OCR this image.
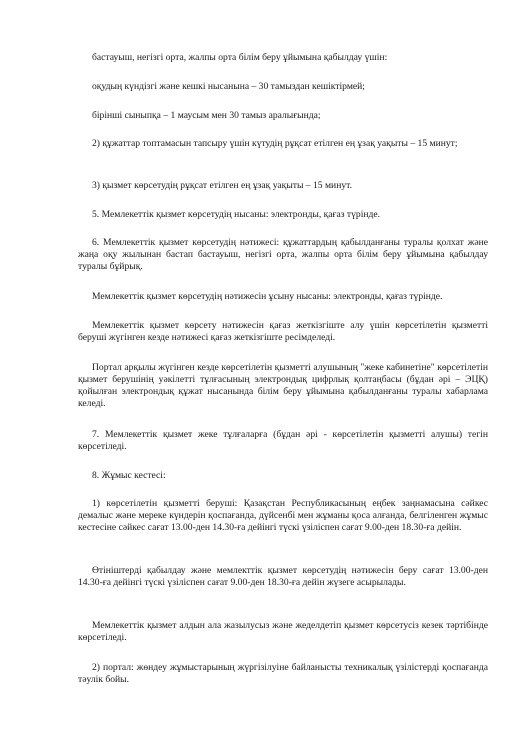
бастауыш, негізгі орта, жалпы орта білім беру ұйымына қабылдау үшін:

оқудың күндізгі және кешкі нысанына – 30 тамыздан кешіктірмей;

бірінші сыныпқа – 1 маусым мен 30 тамыз аралығында;

2) құжаттар топтамасын тапсыру үшін күтудің рұқсат етілген ең ұзақ уақыты – 15 минут;

3) қызмет көрсетудің рұқсат етілген ең ұзақ уақыты – 15 минут.

5. Мемлекеттік қызмет көрсетудің нысаны: электронды, қағаз түрінде.

6. Мемлекеттік қызмет көрсетудің нәтижесі: құжаттардың қабылданғаны туралы қолхат және жаңа оқу жылынан бастап бастауыш, негізгі орта, жалпы орта білім беру ұйымына қабылдау туралы бұйрық.

Мемлекеттік қызмет көрсетудің нәтижесін ұсыну нысаны: электронды, қағаз түрінде.

Мемлекеттік қызмет көрсету нәтижесін қағаз жеткізгіште алу үшін көрсетілетін қызметті беруші жүгінген кезде нәтижесі қағаз жеткізгіште ресімделеді.

Портал арқылы жүгінген кезде көрсетілетін қызметті алушының "жеке кабинетіне" көрсетілетін қызмет берушінің уәкілетті тұлғасының электрондық цифрлық қолтаңбасы (бұдан әрі – ЭЦҚ) қойылған электрондық құжат нысанында білім беру ұйымына қабылданғаны туралы хабарлама келеді.

7. Мемлекеттік қызмет жеке тұлғаларға (бұдан әрі - көрсетілетін қызметті алушы) тегін көрсетіледі.

8. Жұмыс кестесі:

1) көрсетілетін қызметті беруші: Қазақстан Республикасының еңбек заңнамасына сәйкес демалыс және мереке күндерін қоспағанда, дүйсенбі мен жұманы қоса алғанда, белгіленген жұмыс кестесіне сәйкес сағат 13.00-ден 14.30-ға дейінгі түскі үзіліспен сағат 9.00-ден 18.30-ға дейін.

Өтініштерді қабылдау және мемлекттік қызмет көрсетудің нәтижесін беру сағат 13.00-ден 14.30-ға дейінгі түскі үзіліспен сағат 9.00-ден 18.30-ға дейін жүзеге асырылады.

Мемлекеттік қызмет алдын ала жазылусыз және жеделдетіп қызмет көрсетусіз кезек тәртібінде көрсетіледі.

2) портал: жөндеу жұмыстарының жүргізілуіне байланысты техникалық үзілістерді қоспағанда тәулік бойы.
